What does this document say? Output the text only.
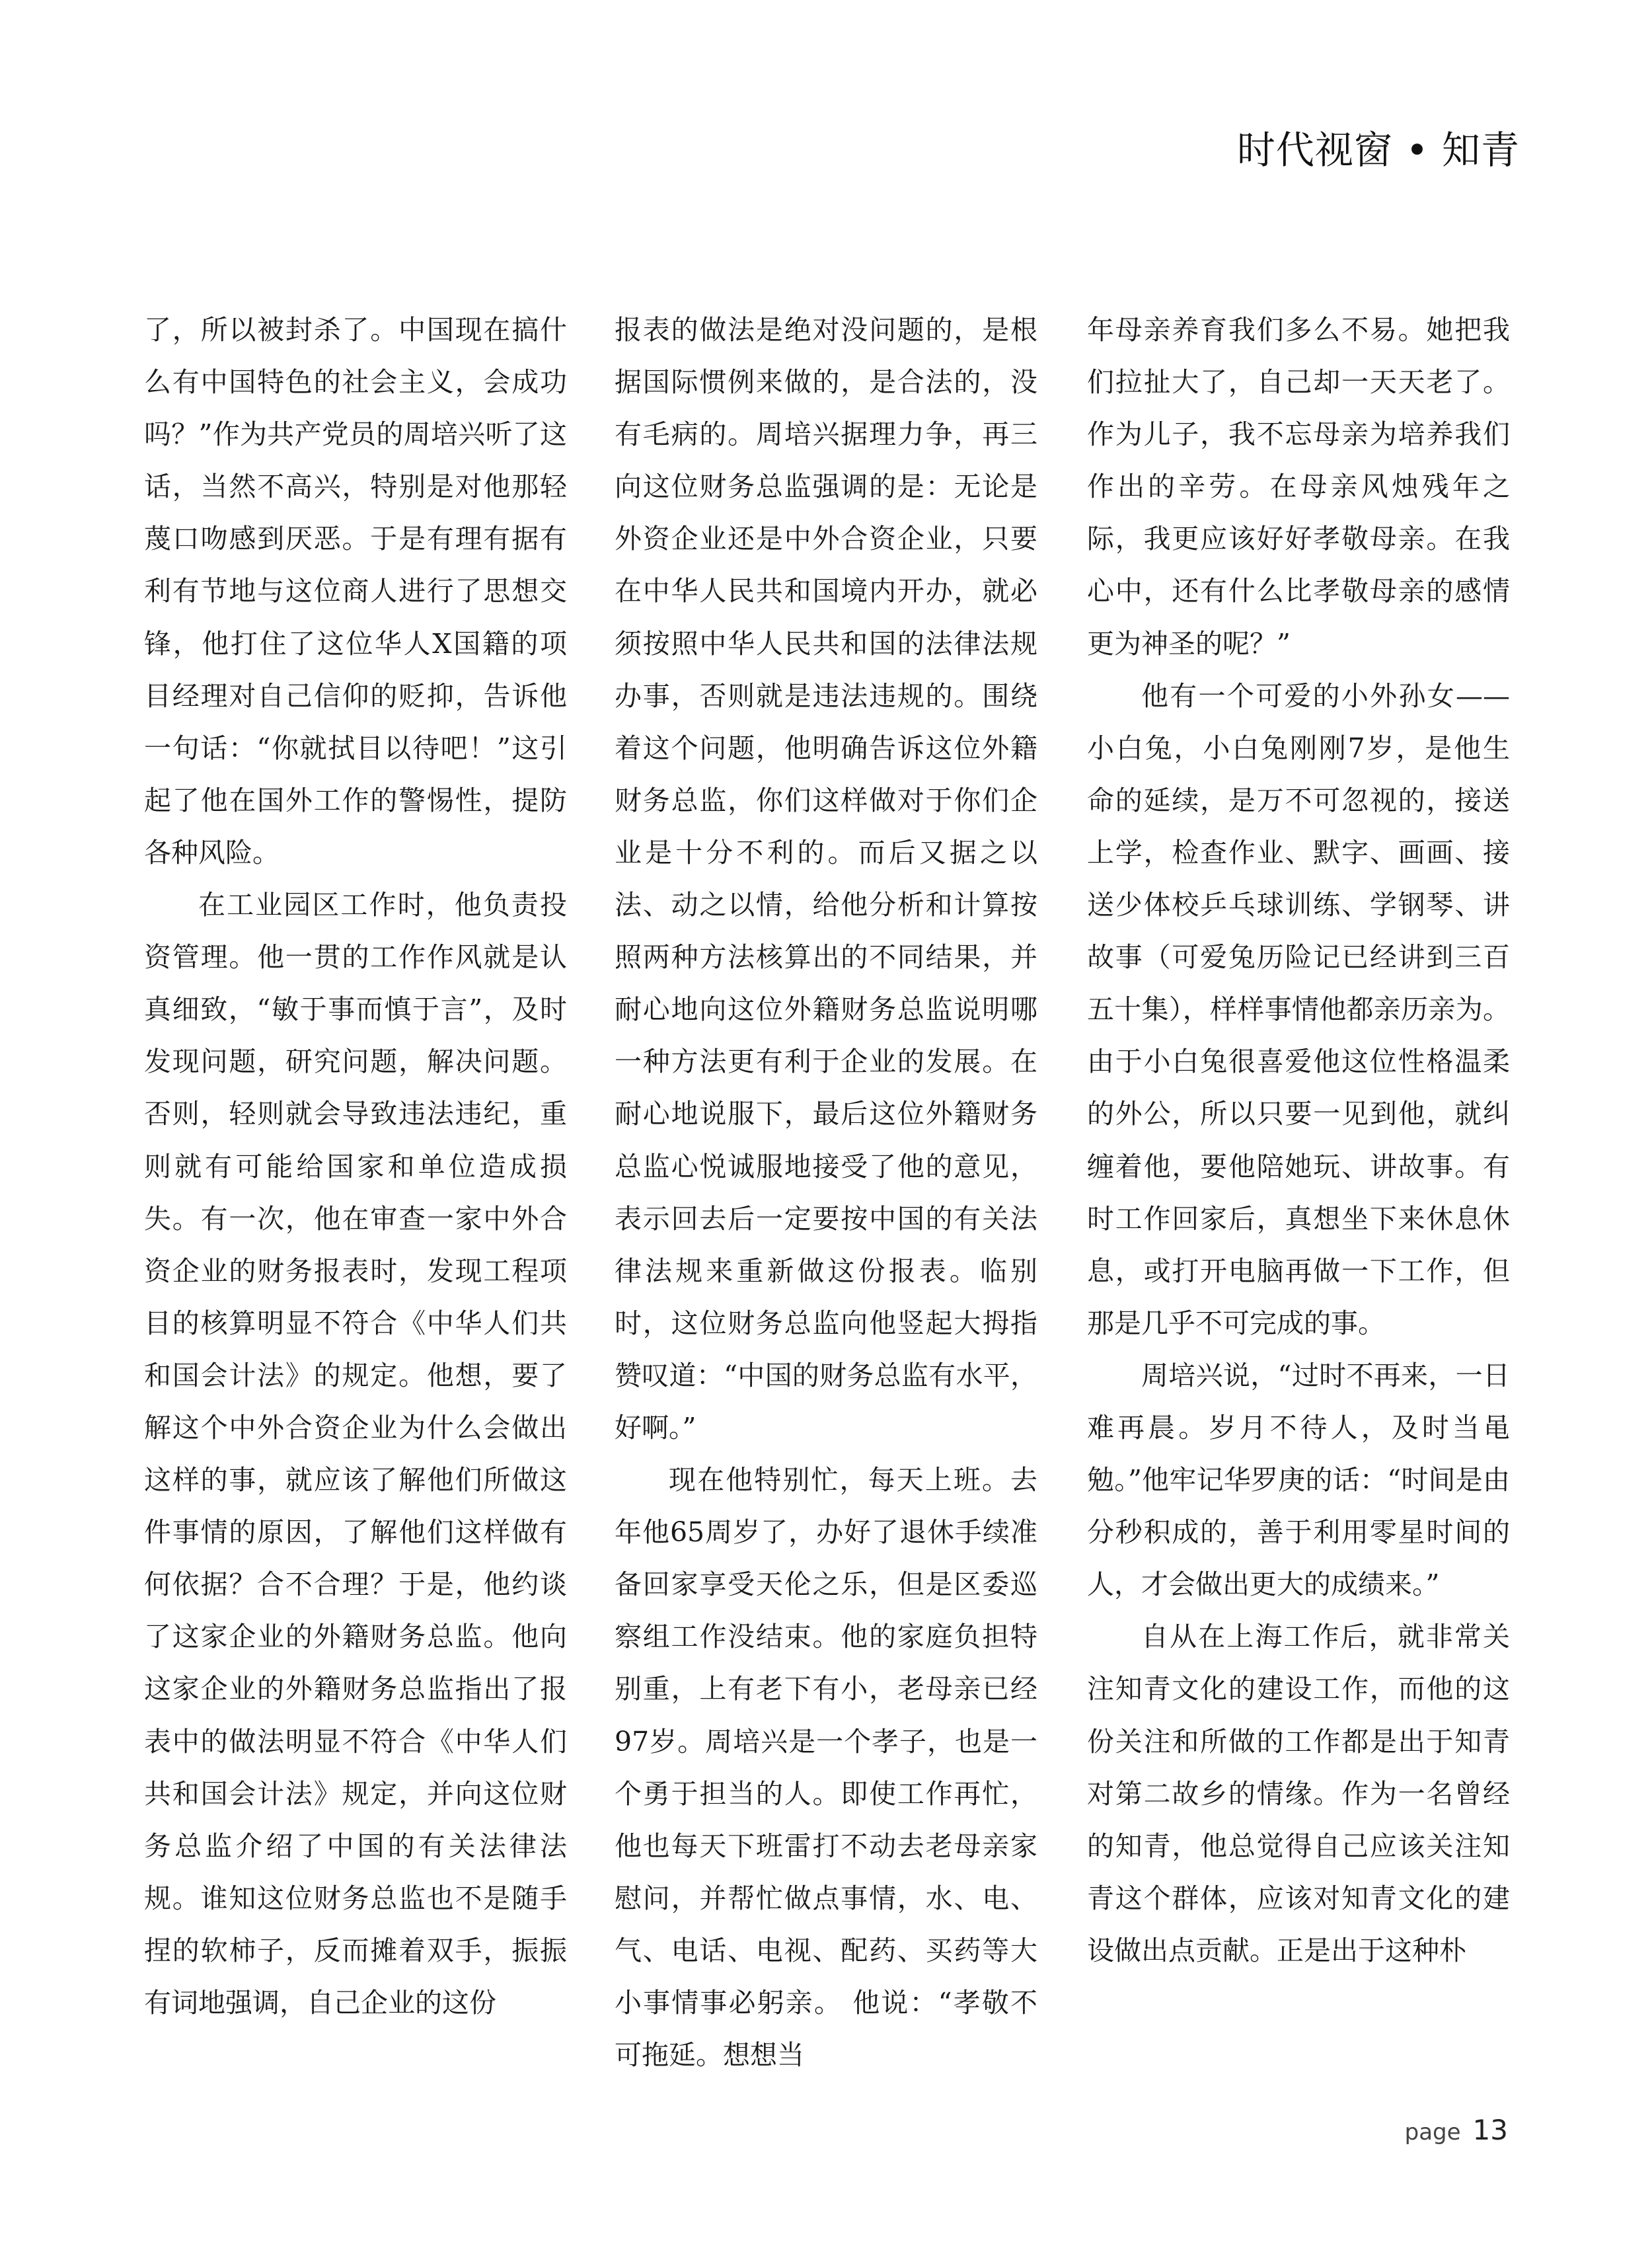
时代视窗 • 知青

了，所以被封杀了。中国现在搞什么有中国特色的社会主义，会成功吗？”作为共产党员的周培兴听了这话，当然不高兴，特别是对他那轻蔑口吻感到厌恶。于是有理有据有利有节地与这位商人进行了思想交锋，他打住了这位华人X国籍的项目经理对自己信仰的贬抑，告诉他一句话：“你就拭目以待吧！”这引起了他在国外工作的警惕性，提防各种风险。

在工业园区工作时，他负责投资管理。他一贯的工作作风就是认真细致，“敏于事而慎于言”，及时发现问题，研究问题，解决问题。否则，轻则就会导致违法违纪，重则就有可能给国家和单位造成损失。有一次，他在审查一家中外合资企业的财务报表时，发现工程项目的核算明显不符合《中华人们共和国会计法》的规定。他想，要了解这个中外合资企业为什么会做出这样的事，就应该了解他们所做这件事情的原因，了解他们这样做有何依据？合不合理？于是，他约谈了这家企业的外籍财务总监。他向这家企业的外籍财务总监指出了报表中的做法明显不符合《中华人们共和国会计法》规定，并向这位财务总监介绍了中国的有关法律法规。谁知这位财务总监也不是随手捏的软柿子，反而摊着双手，振振有词地强调，自己企业的这份

报表的做法是绝对没问题的，是根据国际惯例来做的，是合法的，没有毛病的。周培兴据理力争，再三向这位财务总监强调的是：无论是外资企业还是中外合资企业，只要在中华人民共和国境内开办，就必须按照中华人民共和国的法律法规办事，否则就是违法违规的。围绕着这个问题，他明确告诉这位外籍财务总监，你们这样做对于你们企业是十分不利的。而后又据之以法、动之以情，给他分析和计算按照两种方法核算出的不同结果，并耐心地向这位外籍财务总监说明哪一种方法更有利于企业的发展。在耐心地说服下，最后这位外籍财务总监心悦诚服地接受了他的意见，表示回去后一定要按中国的有关法律法规来重新做这份报表。临别时，这位财务总监向他竖起大拇指赞叹道：“中国的财务总监有水平，好啊。”

现在他特别忙，每天上班。去年他65周岁了，办好了退休手续准备回家享受天伦之乐，但是区委巡察组工作没结束。他的家庭负担特别重，上有老下有小，老母亲已经97岁。周培兴是一个孝子，也是一个勇于担当的人。即使工作再忙，他也每天下班雷打不动去老母亲家慰问，并帮忙做点事情，水、电、气、电话、电视、配药、买药等大小事情事必躬亲。 他说：“孝敬不可拖延。想想当

年母亲养育我们多么不易。她把我们拉扯大了，自己却一天天老了。作为儿子，我不忘母亲为培养我们作出的辛劳。在母亲风烛残年之际，我更应该好好孝敬母亲。在我心中，还有什么比孝敬母亲的感情更为神圣的呢？”

他有一个可爱的小外孙女——小白兔，小白兔刚刚7岁，是他生命的延续，是万不可忽视的，接送上学，检查作业、默字、画画、接送少体校乒乓球训练、学钢琴、讲故事（可爱兔历险记已经讲到三百五十集），样样事情他都亲历亲为。由于小白兔很喜爱他这位性格温柔的外公，所以只要一见到他，就纠缠着他，要他陪她玩、讲故事。有时工作回家后，真想坐下来休息休息，或打开电脑再做一下工作，但那是几乎不可完成的事。

周培兴说，“过时不再来，一日难再晨。岁月不待人，及时当黾勉。”他牢记华罗庚的话：“时间是由分秒积成的，善于利用零星时间的人，才会做出更大的成绩来。”

自从在上海工作后，就非常关注知青文化的建设工作，而他的这份关注和所做的工作都是出于知青对第二故乡的情缘。作为一名曾经的知青，他总觉得自己应该关注知青这个群体，应该对知青文化的建设做出点贡献。正是出于这种朴

page 13
